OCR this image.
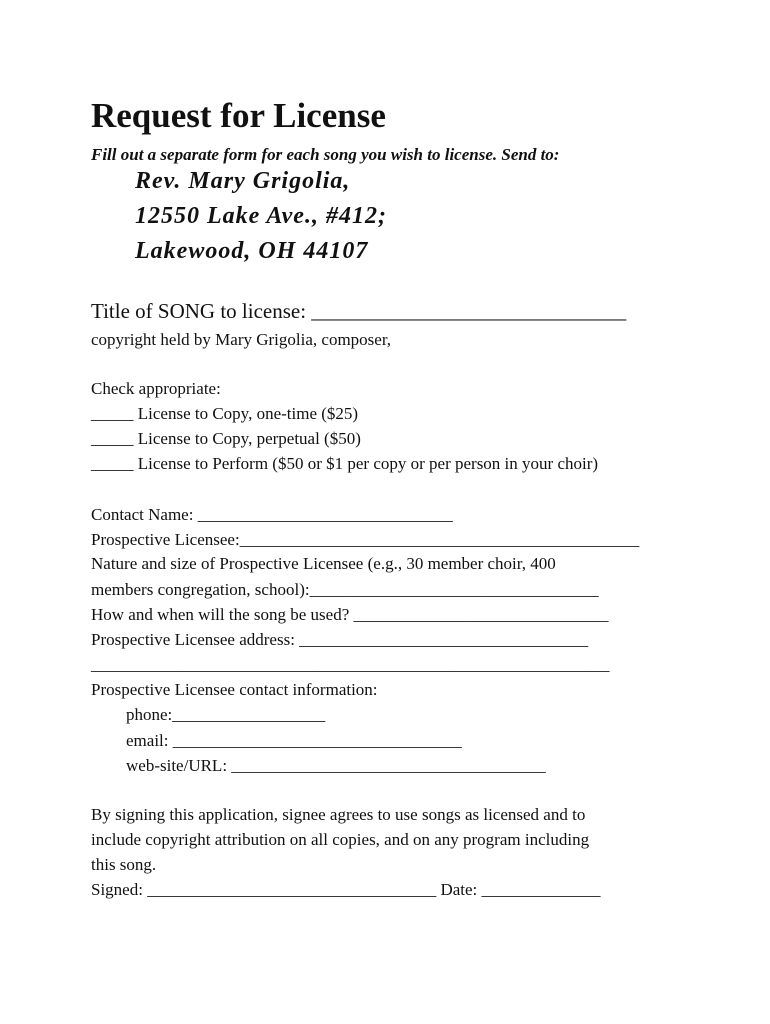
Request for License
Fill out a separate form for each song you wish to license. Send to:
Rev. Mary Grigolia,
12550 Lake Ave., #412;
Lakewood, OH 44107
Title of SONG to license: ______________________________
copyright held by Mary Grigolia, composer,
Check appropriate:
_____ License to Copy, one-time ($25)
_____ License to Copy, perpetual ($50)
_____ License to Perform ($50 or $1 per copy or per person in your choir)
Contact Name: ______________________________
Prospective Licensee:_______________________________________________
Nature and size of Prospective Licensee (e.g., 30 member choir, 400
members congregation, school):__________________________________
How and when will the song be used? ______________________________
Prospective Licensee address: __________________________________
_____________________________________________________________
Prospective Licensee contact information:
phone:__________________
email: __________________________________
web-site/URL: _____________________________________
By signing this application, signee agrees to use songs as licensed and to
include copyright attribution on all copies, and on any program including
this song.
Signed: __________________________________ Date: ______________
